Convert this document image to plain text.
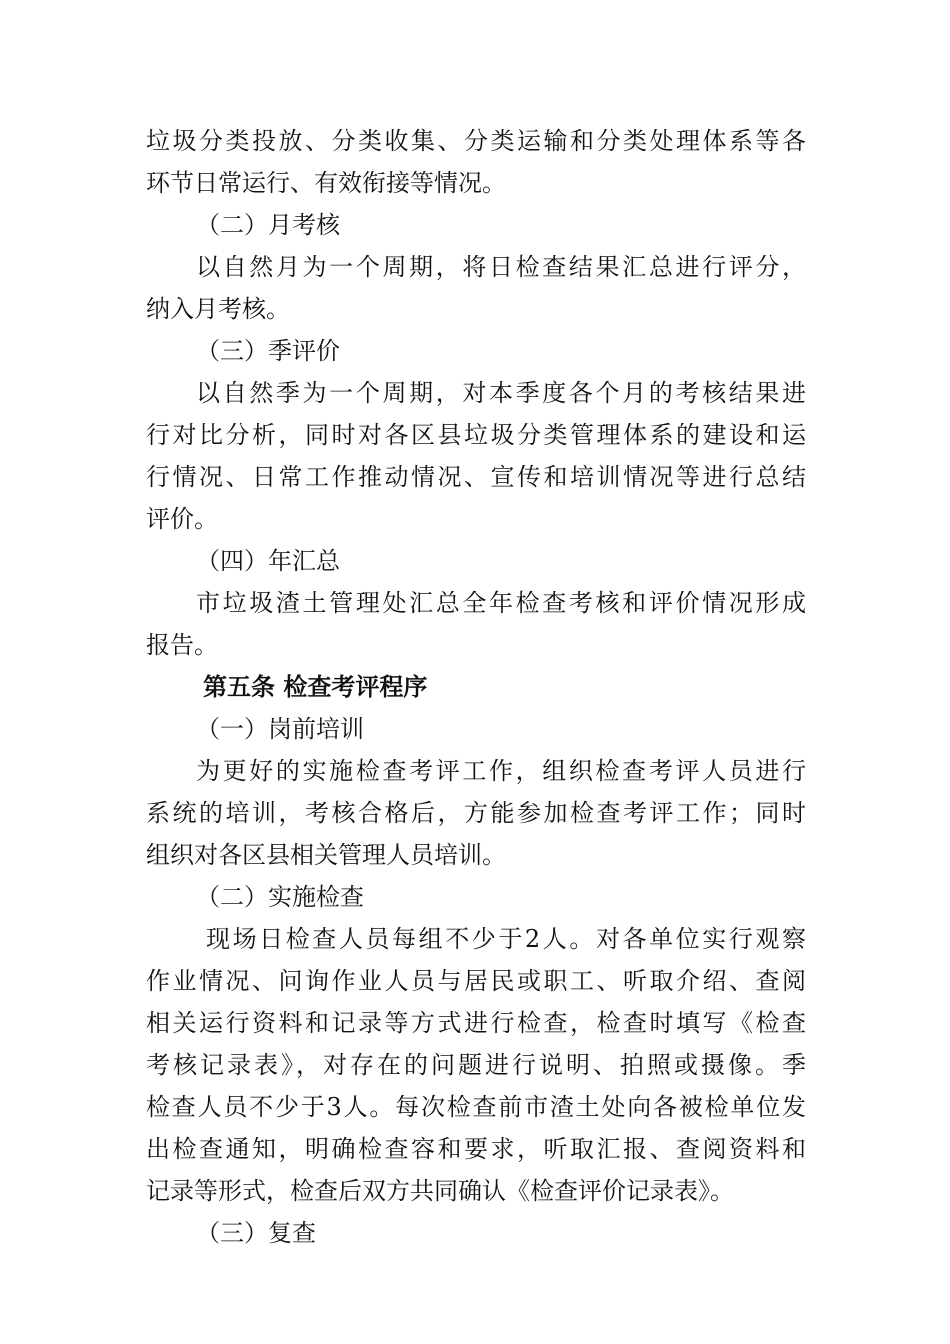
垃圾分类投放、分类收集、分类运输和分类处理体系等各
环节日常运行、有效衔接等情况。
（二）月考核
以自然月为一个周期，将日检查结果汇总进行评分，
纳入月考核。
（三）季评价
以自然季为一个周期，对本季度各个月的考核结果进
行对比分析，同时对各区县垃圾分类管理体系的建设和运
行情况、日常工作推动情况、宣传和培训情况等进行总结
评价。
（四）年汇总
市垃圾渣土管理处汇总全年检查考核和评价情况形成
报告。
第五条 检查考评程序
（一）岗前培训
为更好的实施检查考评工作，组织检查考评人员进行
系统的培训，考核合格后，方能参加检查考评工作；同时
组织对各区县相关管理人员培训。
（二）实施检查
现场日检查人员每组不少于2人。对各单位实行观察
作业情况、问询作业人员与居民或职工、听取介绍、查阅
相关运行资料和记录等方式进行检查，检查时填写《检查
考核记录表》，对存在的问题进行说明、拍照或摄像。季
检查人员不少于3人。每次检查前市渣土处向各被检单位发
出检查通知，明确检查容和要求，听取汇报、查阅资料和
记录等形式，检查后双方共同确认《检查评价记录表》。
（三）复查
